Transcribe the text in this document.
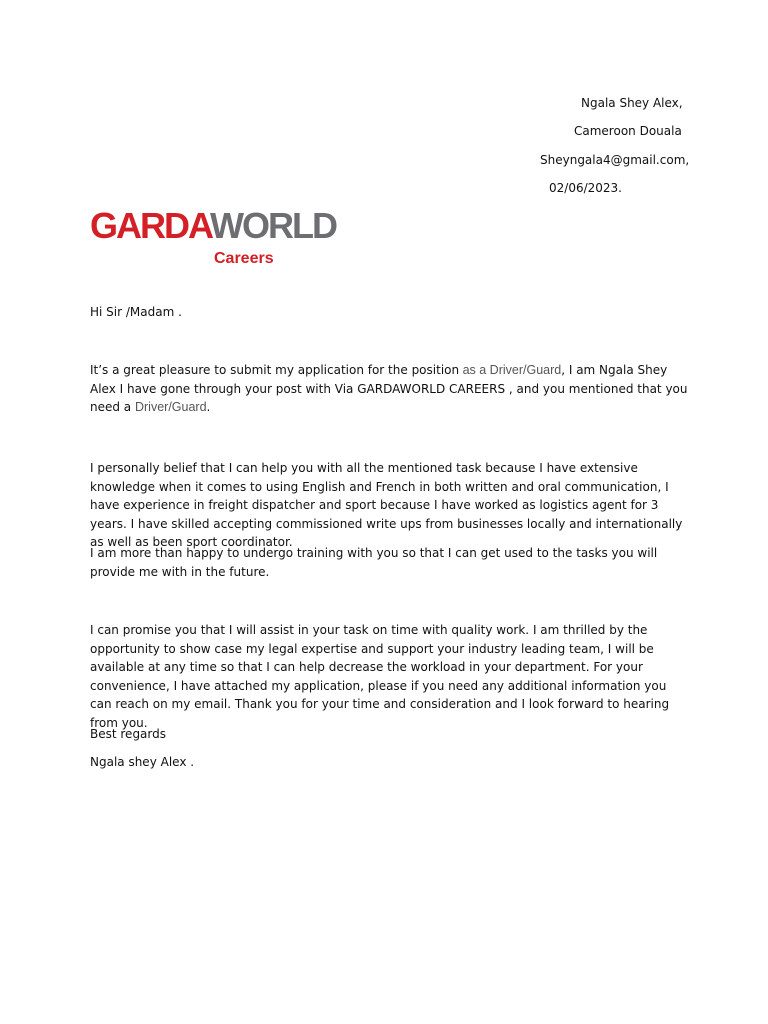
Ngala Shey Alex,
Cameroon Douala
Sheyngala4@gmail.com,
02/06/2023.
GARDAWORLD
Careers
Hi Sir /Madam .
It’s a great pleasure to submit my application for the position as a Driver/Guard, I am Ngala Shey Alex I have gone through your post with Via GARDAWORLD CAREERS , and you mentioned that you need a Driver/Guard.
I personally belief that I can help you with all the mentioned task because I have extensive knowledge when it comes to using English and French in both written and oral communication, I have experience in freight dispatcher and sport because I have worked as logistics agent for 3 years. I have skilled accepting commissioned write ups from businesses locally and internationally as well as been sport coordinator.
I am more than happy to undergo training with you so that I can get used to the tasks you will provide me with in the future.
I can promise you that I will assist in your task on time with quality work. I am thrilled by the opportunity to show case my legal expertise and support your industry leading team, I will be available at any time so that I can help decrease the workload in your department. For your convenience, I have attached my application, please if you need any additional information you can reach on my email. Thank you for your time and consideration and I look forward to hearing from you.
Best regards
Ngala shey Alex .
